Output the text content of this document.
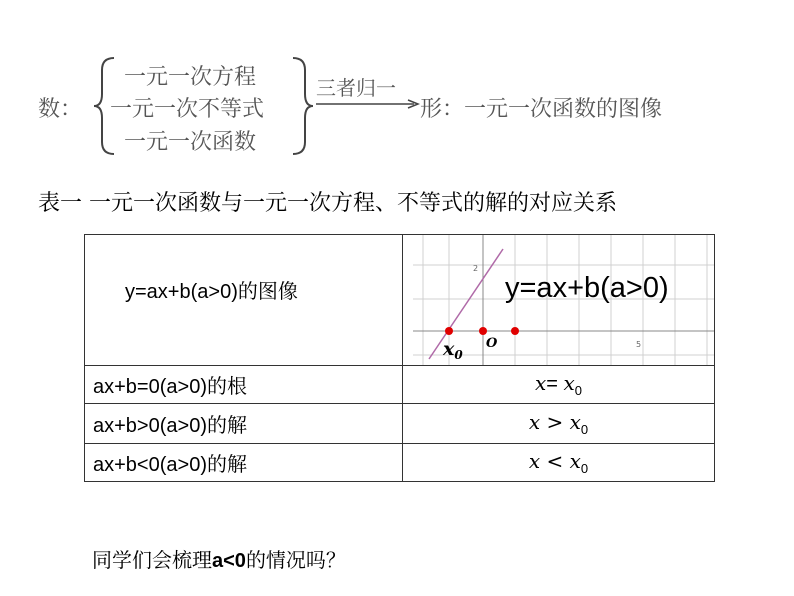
数：
一元一次方程
一元一次不等式
一元一次函数
三者归一
形：一元一次函数的图像
表一 一元一次函数与一元一次方程、不等式的解的对应关系
y=ax+b(a>0)的图像	2
5
O
$x_0$
y=ax+b(a>0)

ax+b=0(a>0)的根	$x= x_0$
ax+b>0(a>0)的解	$x > x_0$
ax+b<0(a>0)的解	$x < x_0$
同学们会梳理a<0的情况吗？
